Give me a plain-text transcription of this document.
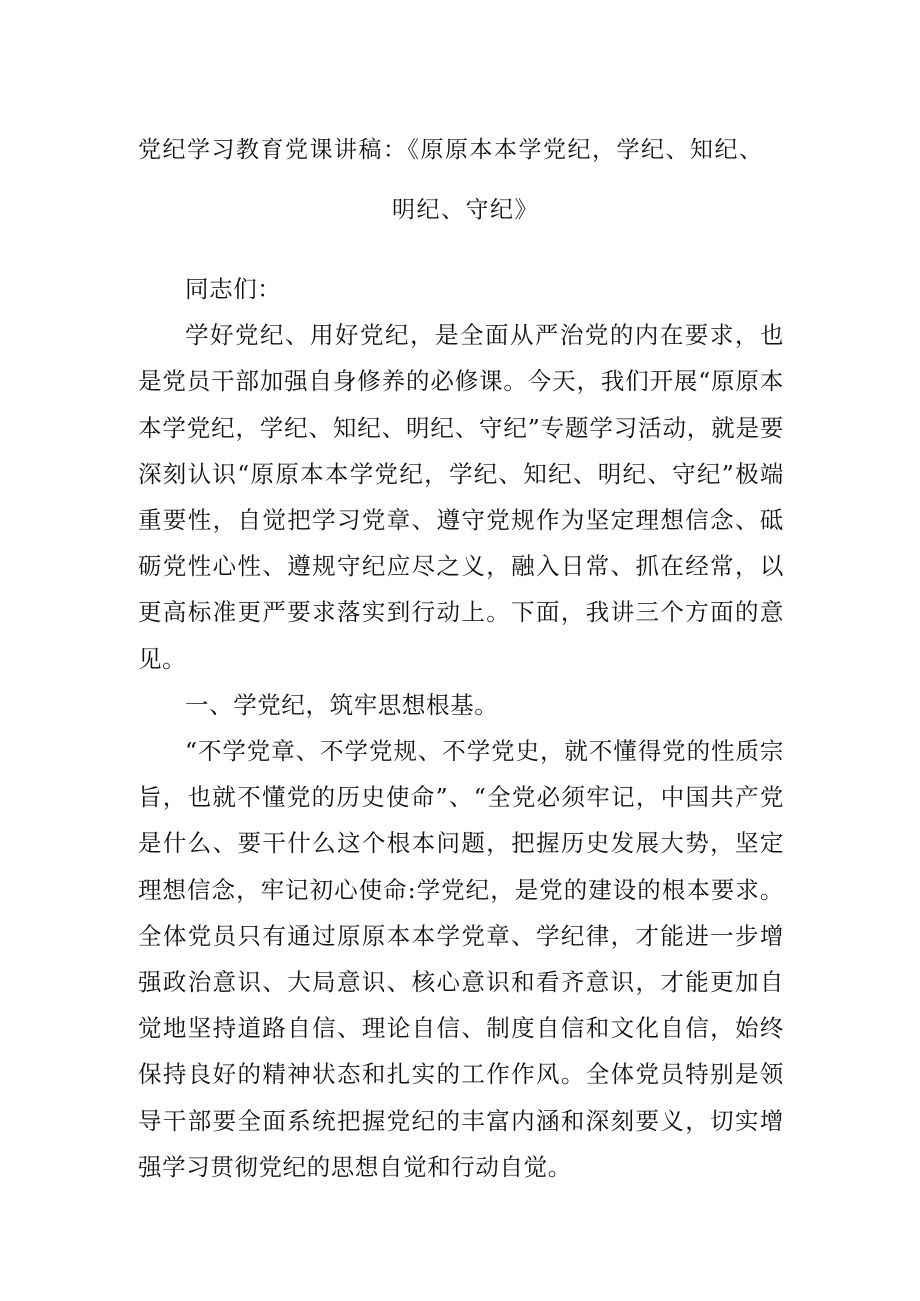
党纪学习教育党课讲稿：《原原本本学党纪，学纪、知纪、
明纪、守纪》

同志们：

学好党纪、用好党纪，是全面从严治党的内在要求，也是党员干部加强自身修养的必修课。今天，我们开展“原原本本学党纪，学纪、知纪、明纪、守纪”专题学习活动，就是要深刻认识“原原本本学党纪，学纪、知纪、明纪、守纪”极端重要性，自觉把学习党章、遵守党规作为坚定理想信念、砥砺党性心性、遵规守纪应尽之义，融入日常、抓在经常，以更高标准更严要求落实到行动上。下面，我讲三个方面的意见。

一、学党纪，筑牢思想根基。

“不学党章、不学党规、不学党史，就不懂得党的性质宗旨，也就不懂党的历史使命”、“全党必须牢记，中国共产党是什么、要干什么这个根本问题，把握历史发展大势，坚定理想信念，牢记初心使命:学党纪，是党的建设的根本要求。全体党员只有通过原原本本学党章、学纪律，才能进一步增强政治意识、大局意识、核心意识和看齐意识，才能更加自觉地坚持道路自信、理论自信、制度自信和文化自信，始终保持良好的精神状态和扎实的工作作风。全体党员特别是领导干部要全面系统把握党纪的丰富内涵和深刻要义，切实增强学习贯彻党纪的思想自觉和行动自觉。
